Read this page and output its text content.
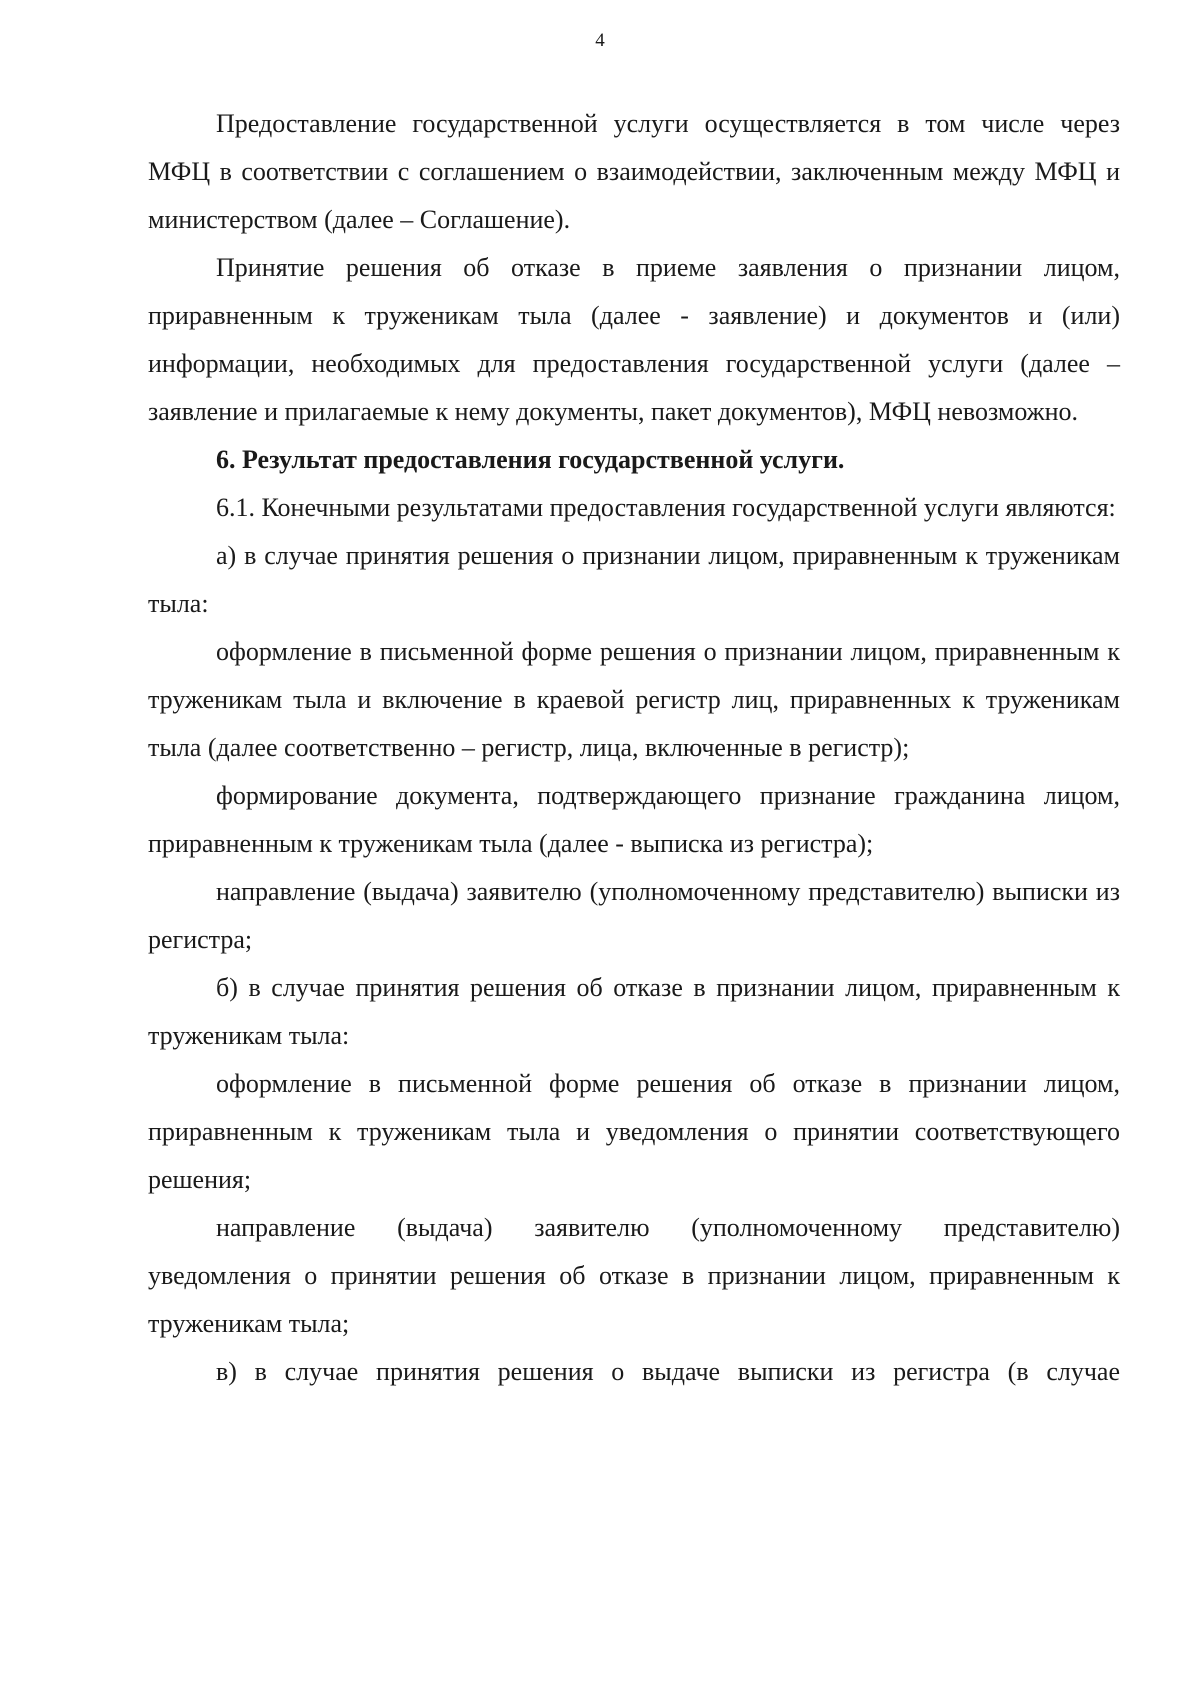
4

Предоставление государственной услуги осуществляется в том числе через МФЦ в соответствии с соглашением о взаимодействии, заключенным между МФЦ и министерством (далее – Соглашение).

Принятие решения об отказе в приеме заявления о признании лицом, приравненным к труженикам тыла (далее - заявление) и документов и (или) информации, необходимых для предоставления государственной услуги (далее – заявление и прилагаемые к нему документы, пакет документов), МФЦ невозможно.

6. Результат предоставления государственной услуги.

6.1. Конечными результатами предоставления государственной услуги являются:

а) в случае принятия решения о признании лицом, приравненным к труженикам тыла:

оформление в письменной форме решения о признании лицом, приравненным к труженикам тыла и включение в краевой регистр лиц, приравненных к труженикам тыла (далее соответственно – регистр, лица, включенные в регистр);

формирование документа, подтверждающего признание гражданина лицом, приравненным к труженикам тыла (далее - выписка из регистра);

направление (выдача) заявителю (уполномоченному представителю) выписки из регистра;

б) в случае принятия решения об отказе в признании лицом, приравненным к труженикам тыла:

оформление в письменной форме решения об отказе в признании лицом, приравненным к труженикам тыла и уведомления о принятии соответствующего решения;

направление (выдача) заявителю (уполномоченному представителю) уведомления о принятии решения об отказе в признании лицом, приравненным к труженикам тыла;

в) в случае принятия решения о выдаче выписки из регистра (в случае
